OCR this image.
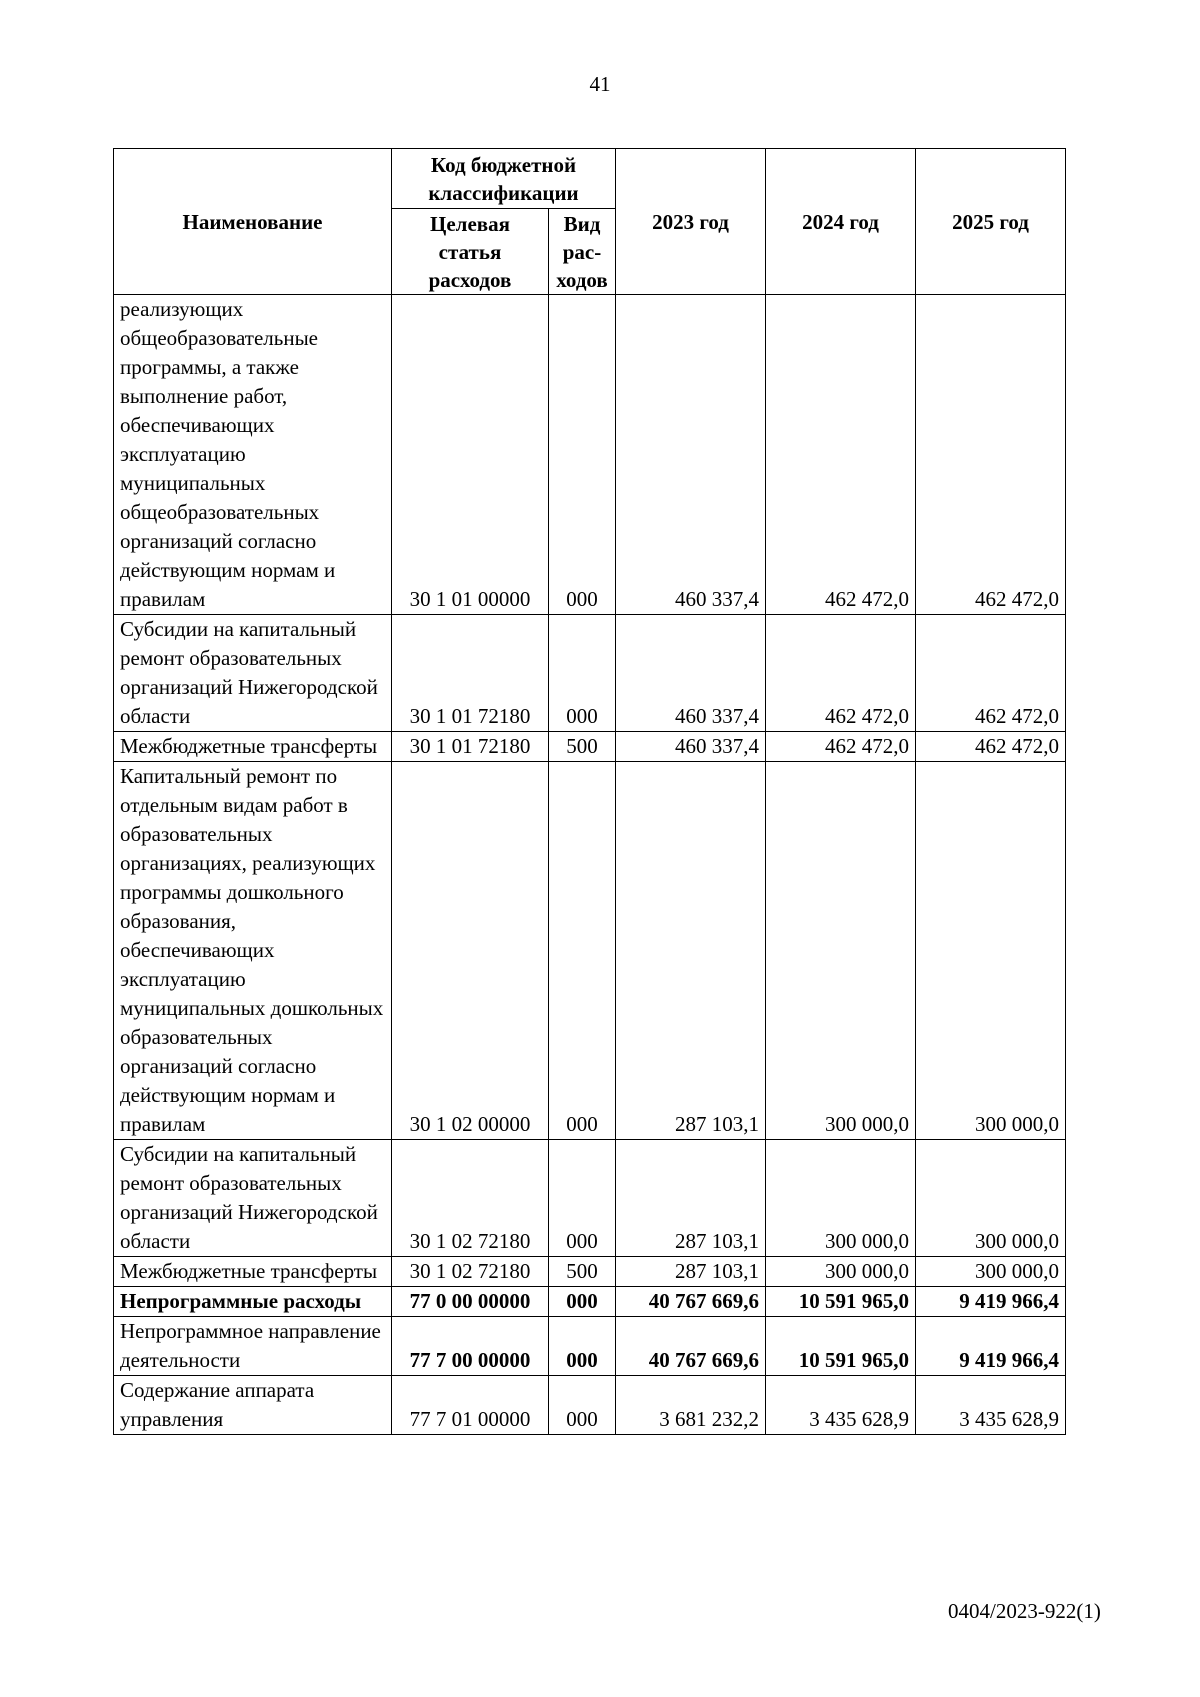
41
Наименование	Код бюджетной классификации		2023 год	2024 год	2025 год
	Целевая статья расходов	Вид рас-ходов			
реализующих общеобразовательные программы, а также выполнение работ, обеспечивающих эксплуатацию муниципальных общеобразовательных организаций согласно действующим нормам и правилам	30 1 01 00000	000	460 337,4	462 472,0	462 472,0
Субсидии на капитальный ремонт образовательных организаций Нижегородской области	30 1 01 72180	000	460 337,4	462 472,0	462 472,0
Межбюджетные трансферты	30 1 01 72180	500	460 337,4	462 472,0	462 472,0
Капитальный ремонт по отдельным видам работ в образовательных организациях, реализующих программы дошкольного образования, обеспечивающих эксплуатацию муниципальных дошкольных образовательных организаций согласно действующим нормам и правилам	30 1 02 00000	000	287 103,1	300 000,0	300 000,0
Субсидии на капитальный ремонт образовательных организаций Нижегородской области	30 1 02 72180	000	287 103,1	300 000,0	300 000,0
Межбюджетные трансферты	30 1 02 72180	500	287 103,1	300 000,0	300 000,0
Непрограммные расходы	77 0 00 00000	000	40 767 669,6	10 591 965,0	9 419 966,4
Непрограммное направление деятельности	77 7 00 00000	000	40 767 669,6	10 591 965,0	9 419 966,4
Содержание аппарата управления	77 7 01 00000	000	3 681 232,2	3 435 628,9	3 435 628,9
0404/2023-922(1)
